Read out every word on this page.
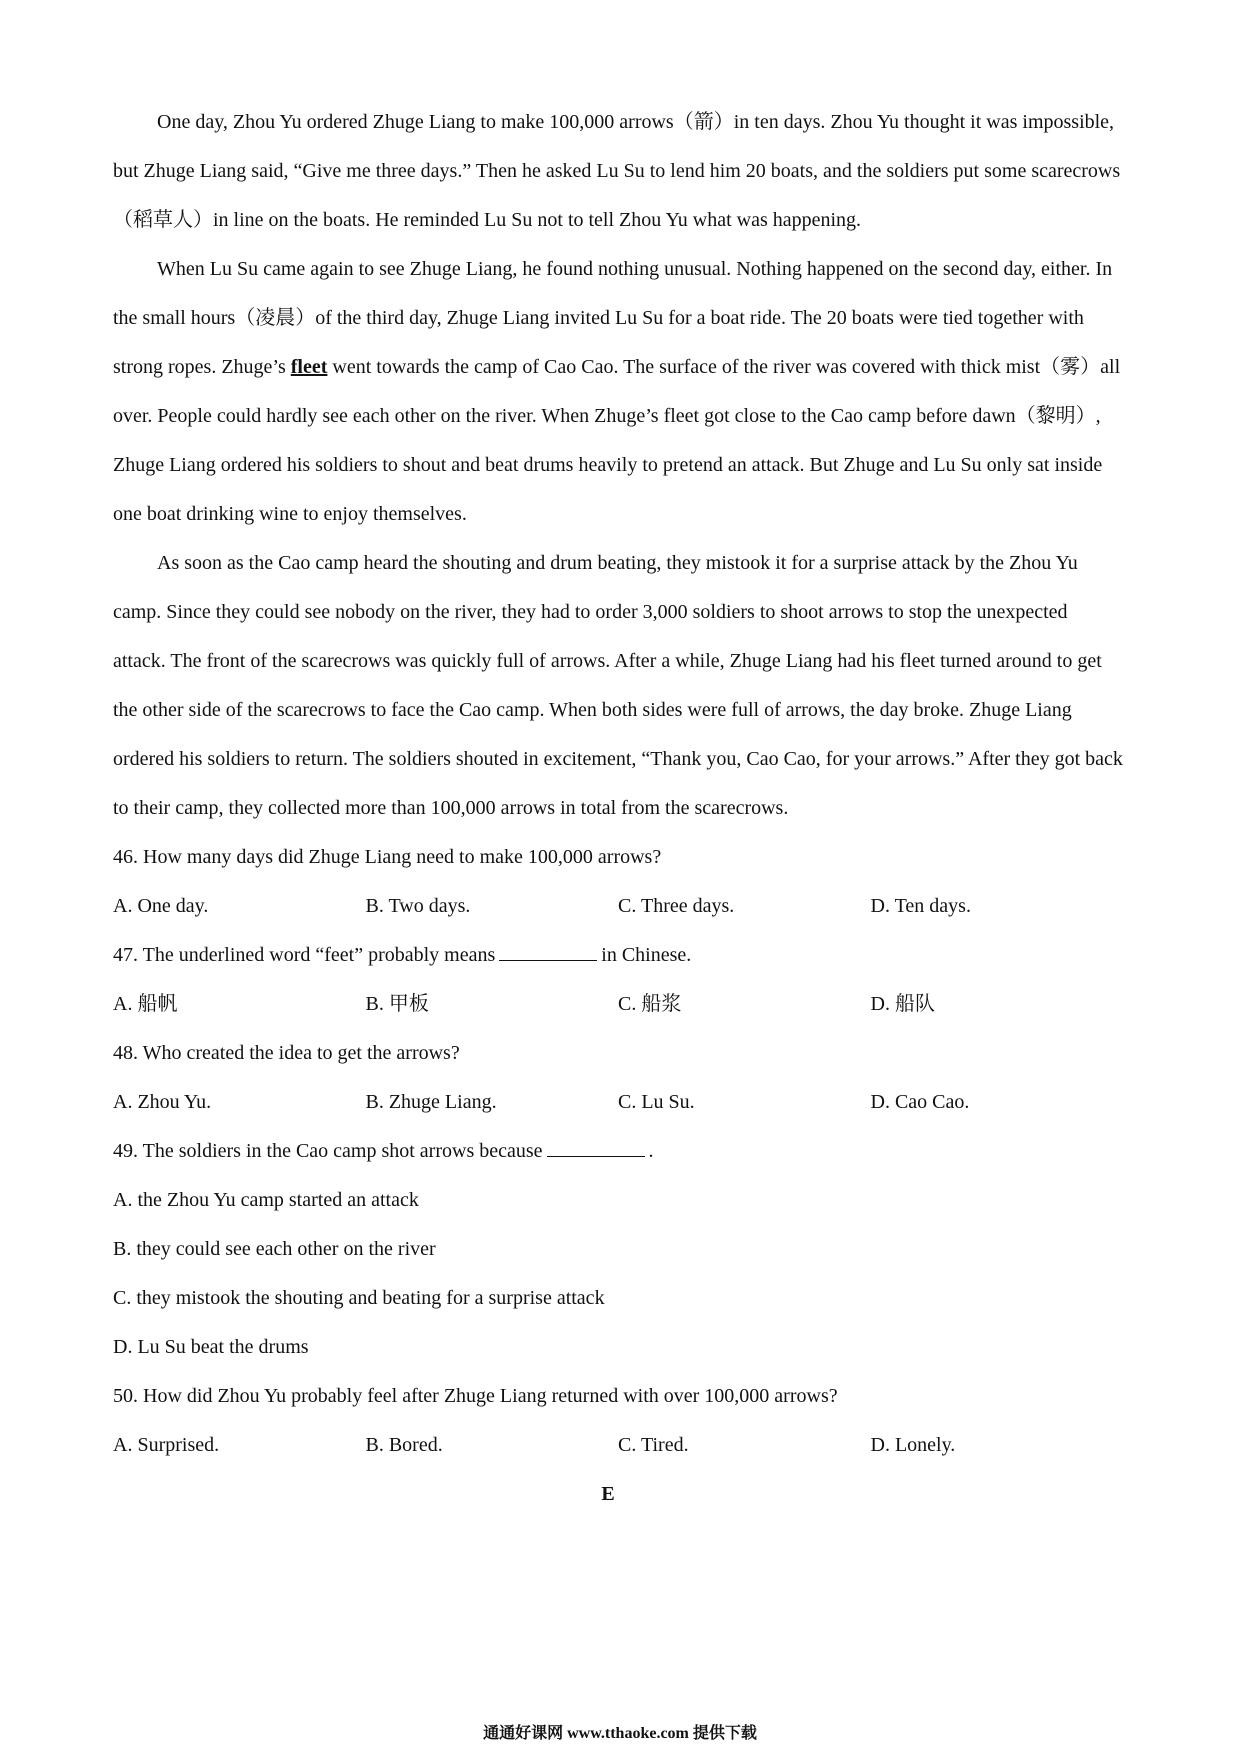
One day, Zhou Yu ordered Zhuge Liang to make 100,000 arrows（箭）in ten days. Zhou Yu thought it was impossible, but Zhuge Liang said, “Give me three days.” Then he asked Lu Su to lend him 20 boats, and the soldiers put some scarecrows（稻草人）in line on the boats. He reminded Lu Su not to tell Zhou Yu what was happening.

When Lu Su came again to see Zhuge Liang, he found nothing unusual. Nothing happened on the second day, either. In the small hours（凌晨）of the third day, Zhuge Liang invited Lu Su for a boat ride. The 20 boats were tied together with strong ropes. Zhuge’s fleet went towards the camp of Cao Cao. The surface of the river was covered with thick mist（雾）all over. People could hardly see each other on the river. When Zhuge’s fleet got close to the Cao camp before dawn（黎明）, Zhuge Liang ordered his soldiers to shout and beat drums heavily to pretend an attack. But Zhuge and Lu Su only sat inside one boat drinking wine to enjoy themselves.

As soon as the Cao camp heard the shouting and drum beating, they mistook it for a surprise attack by the Zhou Yu camp. Since they could see nobody on the river, they had to order 3,000 soldiers to shoot arrows to stop the unexpected attack. The front of the scarecrows was quickly full of arrows. After a while, Zhuge Liang had his fleet turned around to get the other side of the scarecrows to face the Cao camp. When both sides were full of arrows, the day broke. Zhuge Liang ordered his soldiers to return. The soldiers shouted in excitement, “Thank you, Cao Cao, for your arrows.” After they got back to their camp, they collected more than 100,000 arrows in total from the scarecrows.

46. How many days did Zhuge Liang need to make 100,000 arrows?

A. One day.	B. Two days.	C. Three days.	D. Ten days.

47. The underlined word “feet” probably means	in Chinese.

A. 船帆	B. 甲板	C. 船浆	D. 船队

48. Who created the idea to get the arrows?

A. Zhou Yu.	B. Zhuge Liang.	C. Lu Su.	D. Cao Cao.

49. The soldiers in the Cao camp shot arrows because	.

A. the Zhou Yu camp started an attack

B. they could see each other on the river

C. they mistook the shouting and beating for a surprise attack

D. Lu Su beat the drums

50. How did Zhou Yu probably feel after Zhuge Liang returned with over 100,000 arrows?

A. Surprised.	B. Bored.	C. Tired.	D. Lonely.

E

通通好课网 www.tthaoke.com 提供下载
